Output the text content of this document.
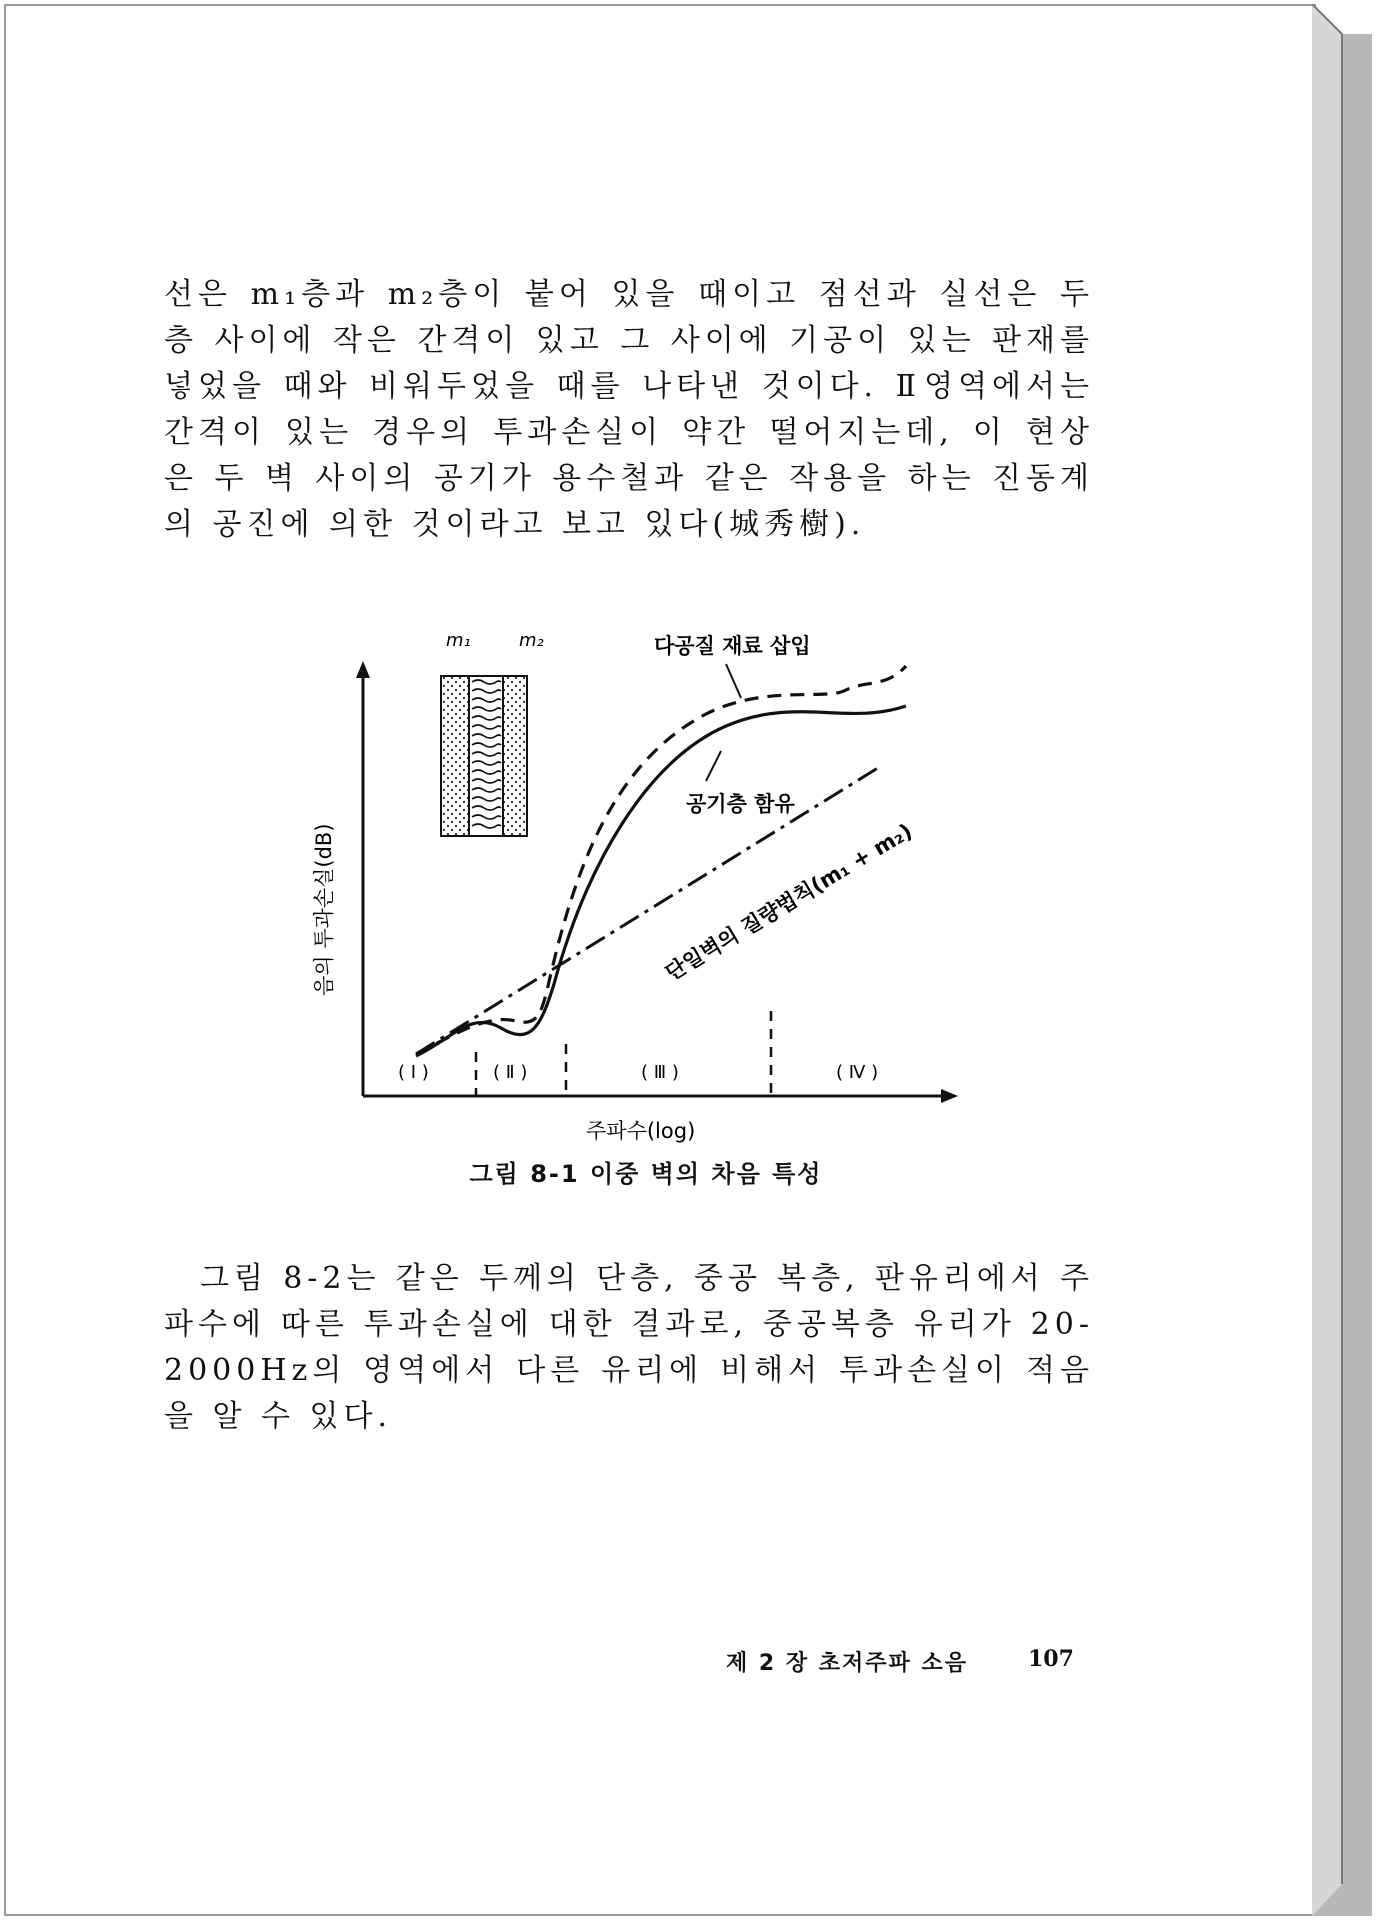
선은 m₁층과 m₂층이 붙어 있을 때이고 점선과 실선은 두 층 사이에 작은 간격이 있고 그 사이에 기공이 있는 판재를 넣었을 때와 비워두었을 때를 나타낸 것이다. Ⅱ영역에서는 간격이 있는 경우의 투과손실이 약간 떨어지는데, 이 현상은 두 벽 사이의 공기가 용수철과 같은 작용을 하는 진동계의 공진에 의한 것이라고 보고 있다(城秀樹).

m₁	m₂	다공질 재료 삽입
공기층 함유
단일벽의 질량법칙(m₁ + m₂)
음의 투과손실(dB)
주파수(log)
( Ⅰ )	( Ⅱ )	( Ⅲ )	( Ⅳ )
그림 8-1 이중 벽의 차음 특성

그림 8-2는 같은 두께의 단층, 중공 복층, 판유리에서 주파수에 따른 투과손실에 대한 결과로, 중공복층 유리가 20-2000Hz의 영역에서 다른 유리에 비해서 투과손실이 적음을 알 수 있다.

제 2 장 초저주파 소음	107
